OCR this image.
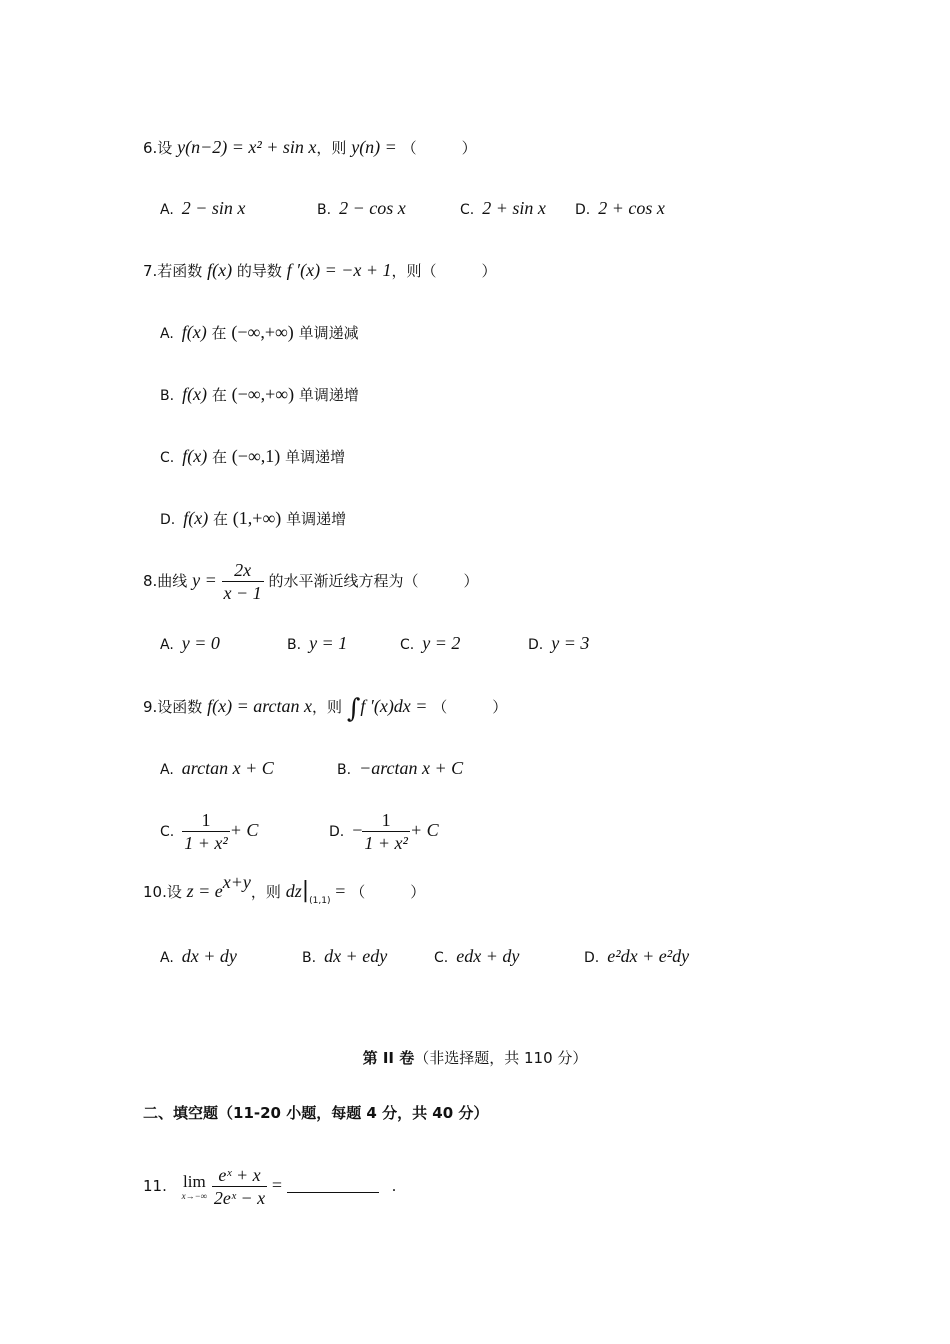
6.设 y(n−2) = x² + sin x，则 y(n) = （　　　）
A. 2 − sin x	B. 2 − cos x	C. 2 + sin x D. 2 + cos x
7.若函数 f(x) 的导数 f ′(x) = −x + 1，则（　　　）
A. f(x) 在 (−∞,+∞) 单调递减
B. f(x) 在 (−∞,+∞) 单调递增
C. f(x) 在 (−∞,1) 单调递增
D. f(x) 在 (1,+∞) 单调递增
8.曲线 $y = \frac{2x}{x - 1}$ 的水平渐近线方程为（　　　）
A. y = 0	B. y = 1	C. y = 2	D. y = 3
9.设函数 f(x) = arctan x，则 ∫f ′(x)dx = （　　　）
A. arctan x + C	B. −arctan x + C
C. $\frac{1}{\text{1 + x²}} + C$	D. − $\frac{1}{\text{1 + x²}} + C$
10.设 $z = e^{x+y}$，则 $dz|_{(1,1)}$ = （　　　）
A. dx + dy	B. dx + edy	C. edx + dy	D. e²dx + e²dy
第 II 卷（非选择题，共 110 分）
二、填空题（11-20 小题，每题 4 分，共 40 分）
11. lim
x→−∞
$\frac{\text{eˣ + x}}{\text{2eˣ − x}}$ =	.
